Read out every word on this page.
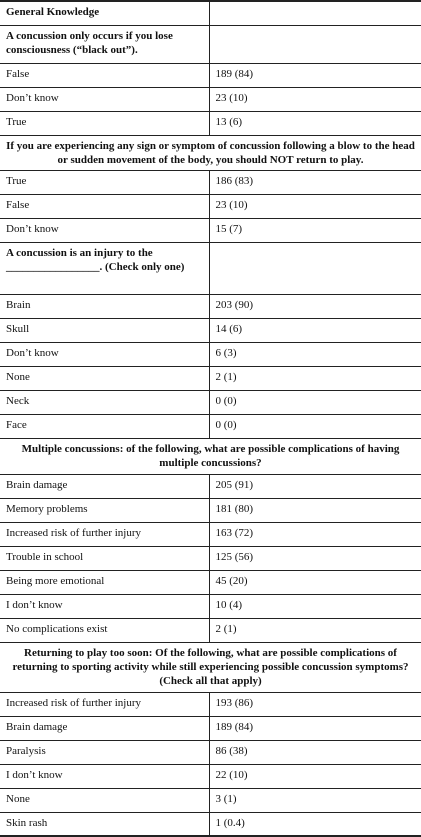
General Knowledge	
A concussion only occurs if you lose consciousness (“black out”).	
False	189 (84)
Don’t know	23 (10)
True	13 (6)
If you are experiencing any sign or symptom of concussion following a blow to the head or sudden movement of the body, you should NOT return to play.	
True	186 (83)
False	23 (10)
Don’t know	15 (7)
A concussion is an injury to the _________________. (Check only one)	
Brain	203 (90)
Skull	14 (6)
Don’t know	6 (3)
None	2 (1)
Neck	0 (0)
Face	0 (0)
Multiple concussions: of the following, what are possible complications of having multiple concussions?	
Brain damage	205 (91)
Memory problems	181 (80)
Increased risk of further injury	163 (72)
Trouble in school	125 (56)
Being more emotional	45 (20)
I don’t know	10 (4)
No complications exist	2 (1)
Returning to play too soon: Of the following, what are possible complications of returning to sporting activity while still experiencing possible concussion symptoms? (Check all that apply)	
Increased risk of further injury	193 (86)
Brain damage	189 (84)
Paralysis	86 (38)
I don’t know	22 (10)
None	3 (1)
Skin rash	1 (0.4)
